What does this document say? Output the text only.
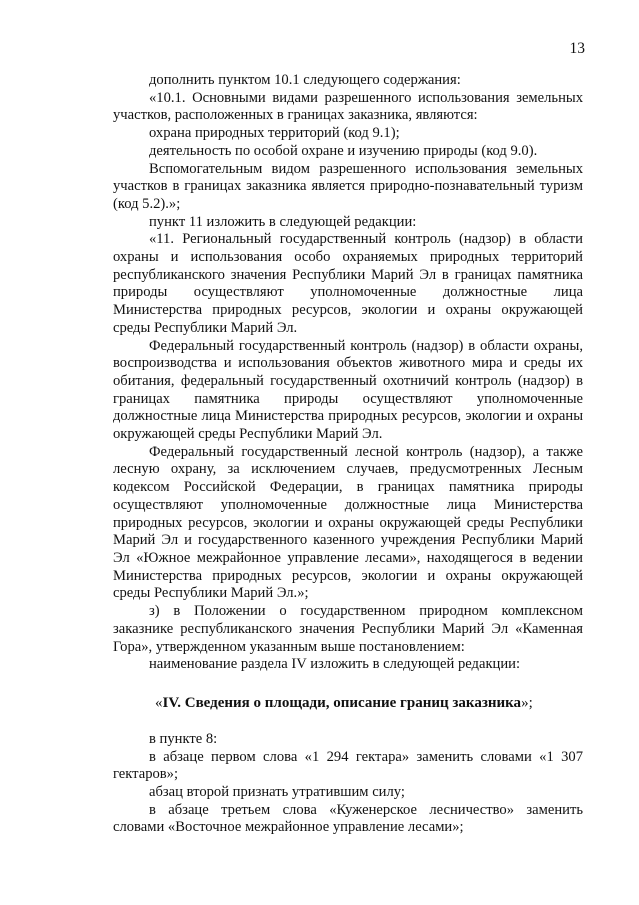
13

дополнить пунктом 10.1 следующего содержания:

«10.1. Основными видами разрешенного использования земельных участков, расположенных в границах заказника, являются:

охрана природных территорий (код 9.1);

деятельность по особой охране и изучению природы (код 9.0).

Вспомогательным видом разрешенного использования земельных участков в границах заказника является природно-познавательный туризм (код 5.2).»;

пункт 11 изложить в следующей редакции:

«11. Региональный государственный контроль (надзор) в области охраны и использования особо охраняемых природных территорий республиканского значения Республики Марий Эл в границах памятника природы осуществляют уполномоченные должностные лица Министерства природных ресурсов, экологии и охраны окружающей среды Республики Марий Эл.

Федеральный государственный контроль (надзор) в области охраны, воспроизводства и использования объектов животного мира и среды их обитания, федеральный государственный охотничий контроль (надзор) в границах памятника природы осуществляют уполномоченные должностные лица Министерства природных ресурсов, экологии и охраны окружающей среды Республики Марий Эл.

Федеральный государственный лесной контроль (надзор), а также лесную охрану, за исключением случаев, предусмотренных Лесным кодексом Российской Федерации, в границах памятника природы осуществляют уполномоченные должностные лица Министерства природных ресурсов, экологии и охраны окружающей среды Республики Марий Эл и государственного казенного учреждения Республики Марий Эл «Южное межрайонное управление лесами», находящегося в ведении Министерства природных ресурсов, экологии и охраны окружающей среды Республики Марий Эл.»;

з) в Положении о государственном природном комплексном заказнике республиканского значения Республики Марий Эл «Каменная Гора», утвержденном указанным выше постановлением:

наименование раздела IV изложить в следующей редакции:

«IV. Сведения о площади, описание границ заказника»;

в пункте 8:

в абзаце первом слова «1 294 гектара» заменить словами «1 307 гектаров»;

абзац второй признать утратившим силу;

в абзаце третьем слова «Куженерское лесничество» заменить словами «Восточное межрайонное управление лесами»;
